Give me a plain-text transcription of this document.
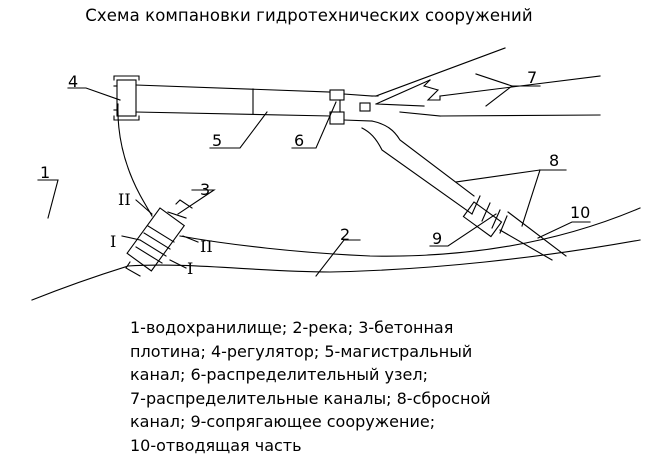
Схема компановки гидротехнических сооружений
1
2
3
4
5	6
7
8
9
10
II
II
I
I
1-водохранилище; 2-река; 3-бетонная
плотина; 4-регулятор; 5-магистральный
канал; 6-распределительный узел;
7-распределительные каналы; 8-сбросной
канал; 9-сопрягающее сооружение;
10-отводящая часть
